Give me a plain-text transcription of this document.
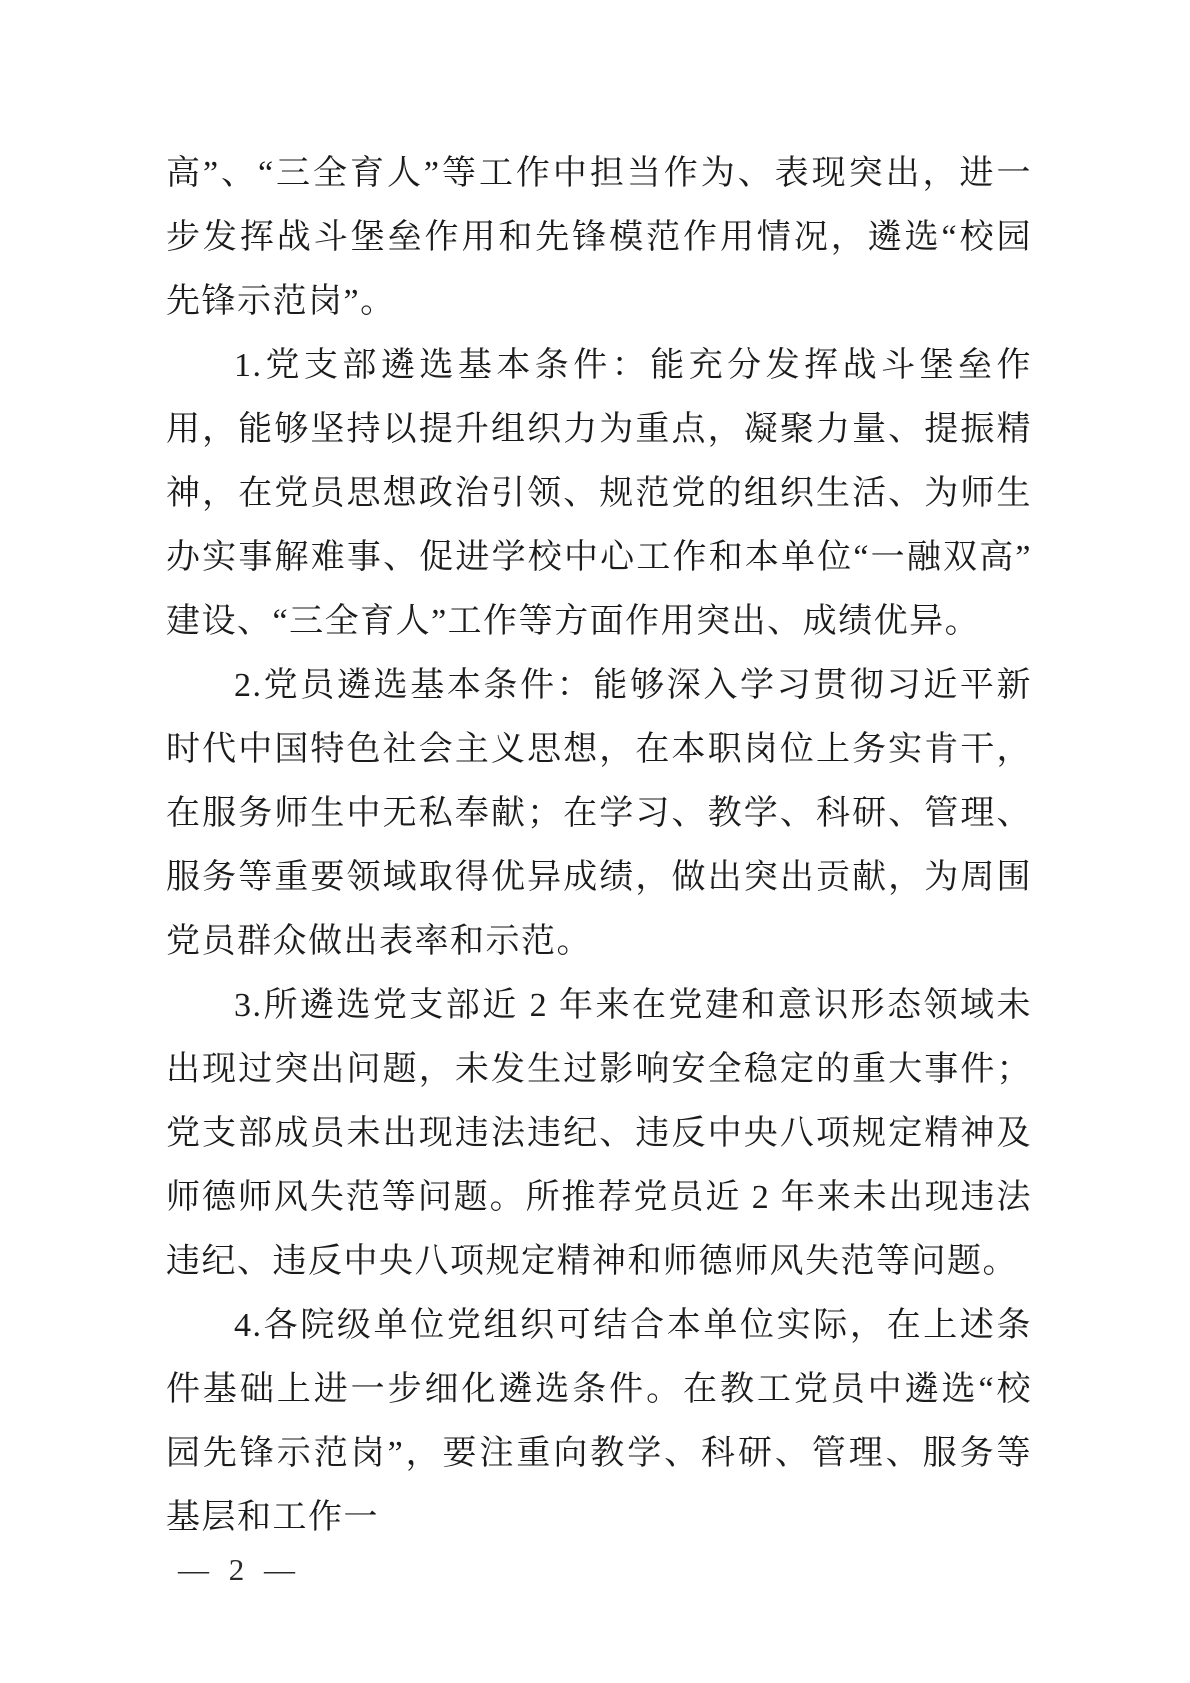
高”、“三全育人”等工作中担当作为、表现突出，进一步发挥战斗堡垒作用和先锋模范作用情况，遴选“校园先锋示范岗”。

1.党支部遴选基本条件：能充分发挥战斗堡垒作用，能够坚持以提升组织力为重点，凝聚力量、提振精神，在党员思想政治引领、规范党的组织生活、为师生办实事解难事、促进学校中心工作和本单位“一融双高”建设、“三全育人”工作等方面作用突出、成绩优异。

2.党员遴选基本条件：能够深入学习贯彻习近平新时代中国特色社会主义思想，在本职岗位上务实肯干，在服务师生中无私奉献；在学习、教学、科研、管理、服务等重要领域取得优异成绩，做出突出贡献，为周围党员群众做出表率和示范。

3.所遴选党支部近 2 年来在党建和意识形态领域未出现过突出问题，未发生过影响安全稳定的重大事件；党支部成员未出现违法违纪、违反中央八项规定精神及师德师风失范等问题。所推荐党员近 2 年来未出现违法违纪、违反中央八项规定精神和师德师风失范等问题。

4.各院级单位党组织可结合本单位实际，在上述条件基础上进一步细化遴选条件。在教工党员中遴选“校园先锋示范岗”，要注重向教学、科研、管理、服务等基层和工作一

— 2 —
